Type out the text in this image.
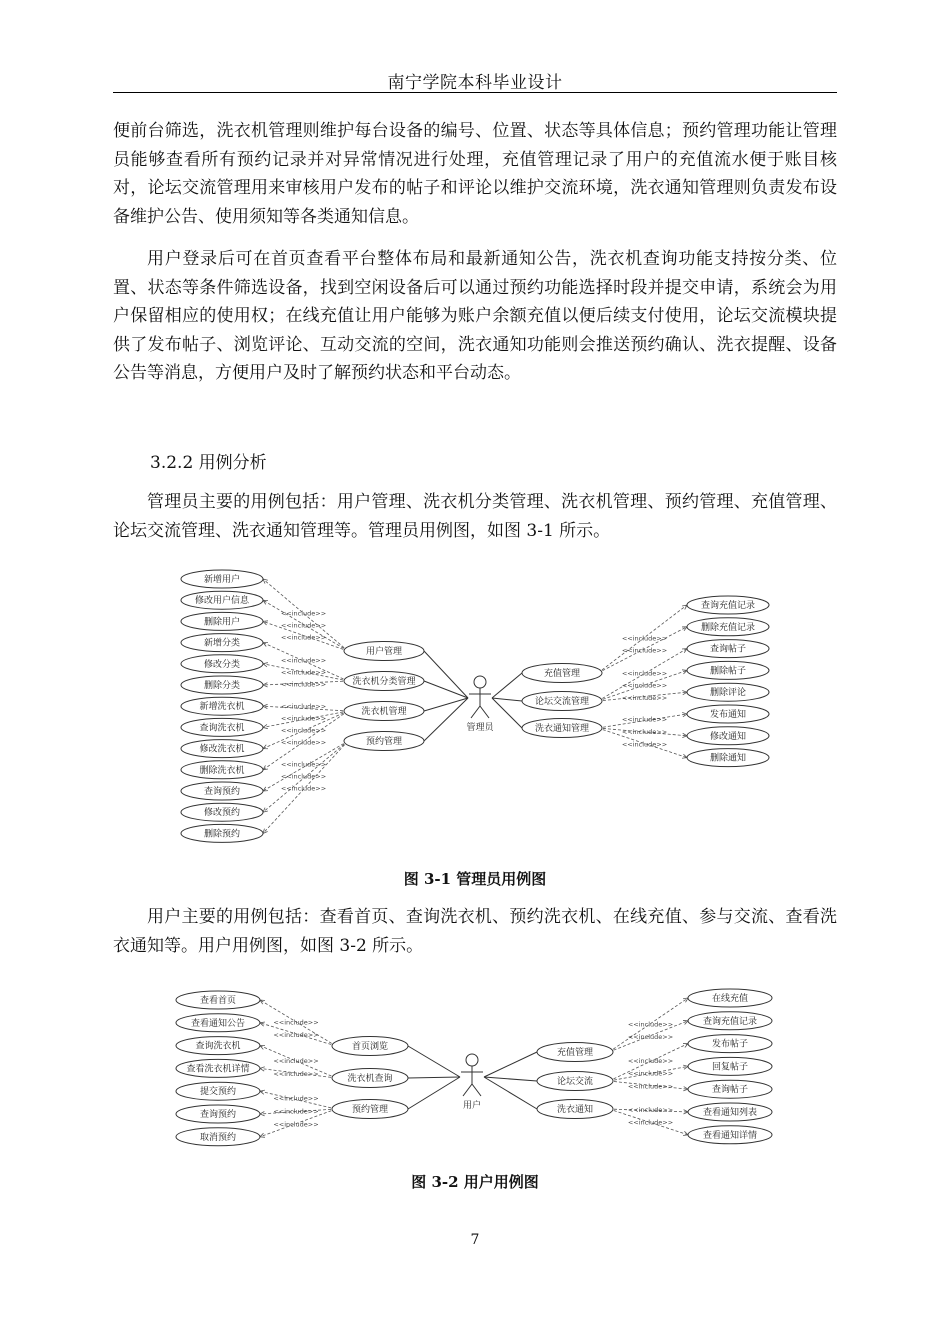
南宁学院本科毕业设计

便前台筛选，洗衣机管理则维护每台设备的编号、位置、状态等具体信息；预约管理功能让管理员能够查看所有预约记录并对异常情况进行处理，充值管理记录了用户的充值流水便于账目核对，论坛交流管理用来审核用户发布的帖子和评论以维护交流环境，洗衣通知管理则负责发布设备维护公告、使用须知等各类通知信息。

用户登录后可在首页查看平台整体布局和最新通知公告，洗衣机查询功能支持按分类、位置、状态等条件筛选设备，找到空闲设备后可以通过预约功能选择时段并提交申请，系统会为用户保留相应的使用权；在线充值让用户能够为账户余额充值以便后续支付使用，论坛交流模块提供了发布帖子、浏览评论、互动交流的空间，洗衣通知功能则会推送预约确认、洗衣提醒、设备公告等消息，方便用户及时了解预约状态和平台动态。

3.2.2 用例分析

管理员主要的用例包括：用户管理、洗衣机分类管理、洗衣机管理、预约管理、充值管理、论坛交流管理、洗衣通知管理等。管理员用例图，如图 3-1 所示。

<<include>>
<<include>>
<<include>>
新增用户
修改用户信息
删除用户
用户管理
<<include>>
<<include>>
<<include>>
新增分类
修改分类
删除分类	洗衣机分类管理
<<include>>
<<include>>
<<include>>
<<include>>
新增洗衣机
查询洗衣机
修改洗衣机
删除洗衣机
洗衣机管理
<<include>>
<<include>>
<<include>>
查询预约
修改预约
删除预约
预约管理
<<include>>
<<include>>
查询充值记录
删除充值记录
充值管理	<<include>>
<<include>>
<<include>>
查询帖子
删除帖子
删除评论
论坛交流管理
<<include>>
<<include>>
<<include>>
发布通知
修改通知
删除通知
洗衣通知管理
管理员
图 3-1 管理员用例图

用户主要的用例包括：查看首页、查询洗衣机、预约洗衣机、在线充值、参与交流、查看洗衣通知等。用户用例图，如图 3-2 所示。

<<include>>
<<include>>
查看首页
查看通知公告
首页浏览
<<include>>
<<include>>
查询洗衣机
查看洗衣机详情
洗衣机查询
<<include>>
<<include>>
<<include>>
提交预约
查询预约
取消预约
预约管理
<<include>>
<<include>>
在线充值
查询充值记录
充值管理
<<include>>
<<include>>
<<include>>
发布帖子
回复帖子
查询帖子
论坛交流
<<include>>
<<include>>
查看通知列表
查看通知详情
洗衣通知
用户
图 3-2 用户用例图
7
